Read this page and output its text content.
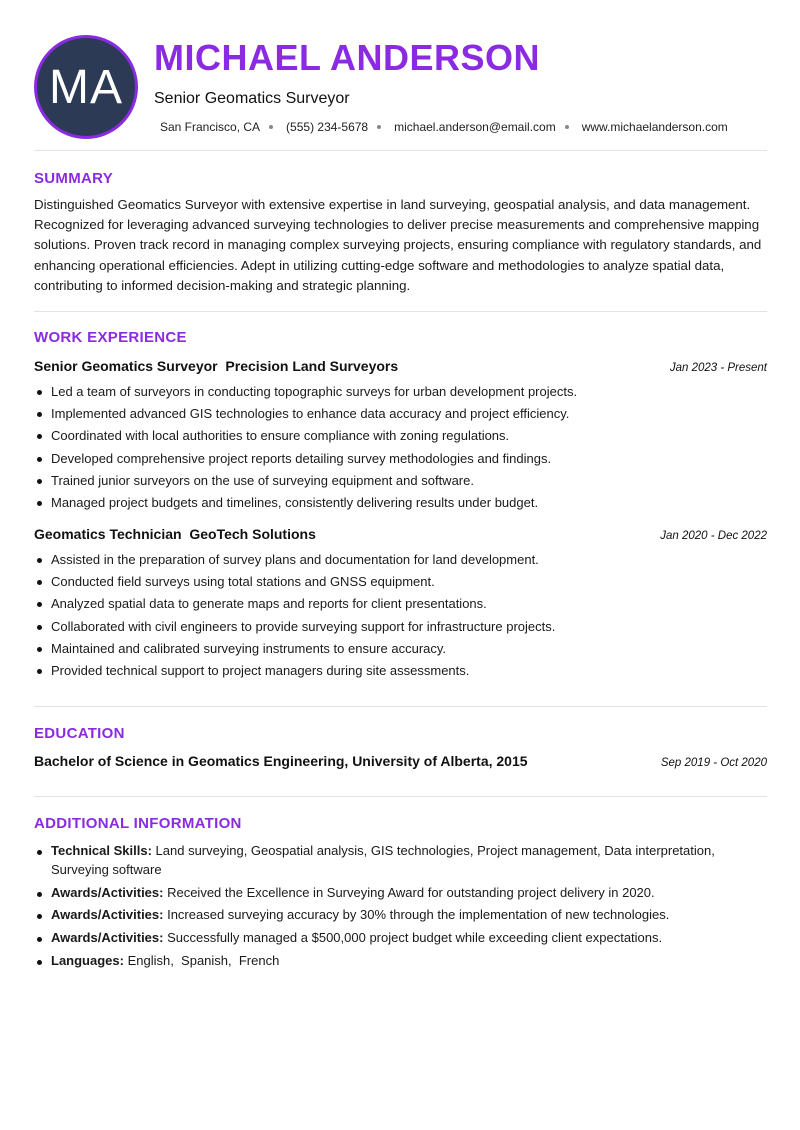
MA
MICHAEL ANDERSON
Senior Geomatics Surveyor
San Francisco, CA (555) 234-5678 michael.anderson@email.com www.michaelanderson.com
SUMMARY
Distinguished Geomatics Surveyor with extensive expertise in land surveying, geospatial analysis, and data management. Recognized for leveraging advanced surveying technologies to deliver precise measurements and comprehensive mapping solutions. Proven track record in managing complex surveying projects, ensuring compliance with regulatory standards, and enhancing operational efficiencies. Adept in utilizing cutting-edge software and methodologies to analyze spatial data, contributing to informed decision-making and strategic planning.
WORK EXPERIENCE
Senior Geomatics Surveyor  Precision Land Surveyors	Jan 2023 - Present
Led a team of surveyors in conducting topographic surveys for urban development projects.
Implemented advanced GIS technologies to enhance data accuracy and project efficiency.
Coordinated with local authorities to ensure compliance with zoning regulations.
Developed comprehensive project reports detailing survey methodologies and findings.
Trained junior surveyors on the use of surveying equipment and software.
Managed project budgets and timelines, consistently delivering results under budget.
Geomatics Technician  GeoTech Solutions	Jan 2020 - Dec 2022
Assisted in the preparation of survey plans and documentation for land development.
Conducted field surveys using total stations and GNSS equipment.
Analyzed spatial data to generate maps and reports for client presentations.
Collaborated with civil engineers to provide surveying support for infrastructure projects.
Maintained and calibrated surveying instruments to ensure accuracy.
Provided technical support to project managers during site assessments.
EDUCATION
Bachelor of Science in Geomatics Engineering, University of Alberta, 2015	Sep 2019 - Oct 2020
ADDITIONAL INFORMATION
Technical Skills: Land surveying, Geospatial analysis, GIS technologies, Project management, Data interpretation, Surveying software
Awards/Activities: Received the Excellence in Surveying Award for outstanding project delivery in 2020.
Awards/Activities: Increased surveying accuracy by 30% through the implementation of new technologies.
Awards/Activities: Successfully managed a $500,000 project budget while exceeding client expectations.
Languages: English,  Spanish,  French
